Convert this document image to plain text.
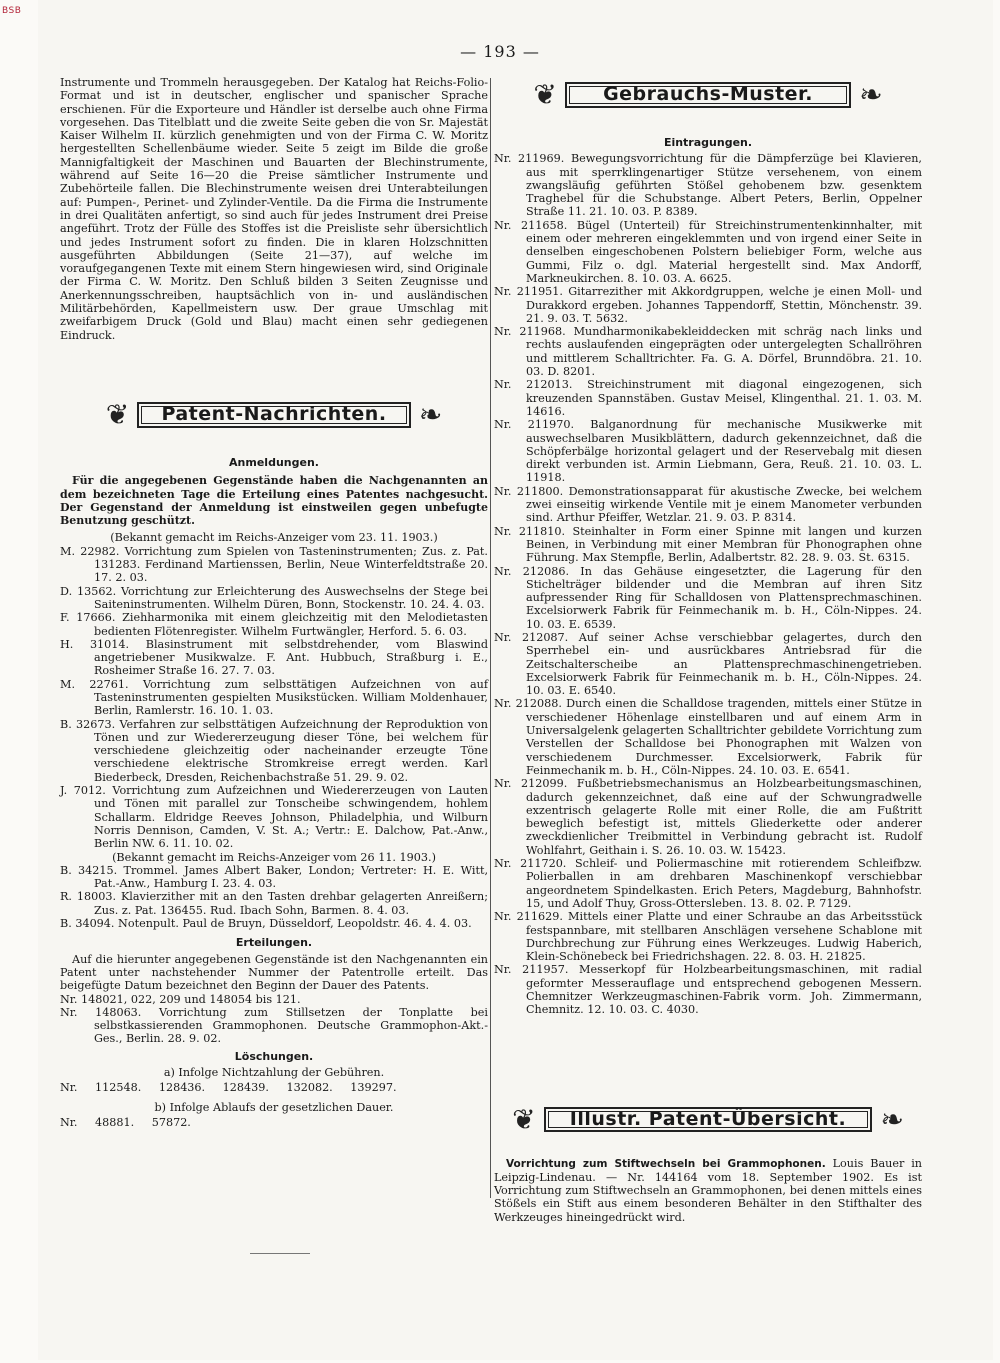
BSB
— 193 —

Instrumente und Trommeln herausgegeben. Der Katalog hat Reichs-Folio-Format und ist in deutscher, englischer und spanischer Sprache erschienen. Für die Exporteure und Händler ist derselbe auch ohne Firma vorgesehen. Das Titelblatt und die zweite Seite geben die von Sr. Majestät Kaiser Wilhelm II. kürzlich genehmigten und von der Firma C. W. Moritz hergestellten Schellenbäume wieder. Seite 5 zeigt im Bilde die große Mannigfaltigkeit der Maschinen und Bauarten der Blechinstrumente, während auf Seite 16—20 die Preise sämtlicher Instrumente und Zubehörteile fallen. Die Blechinstrumente weisen drei Unterabteilungen auf: Pumpen-, Perinet- und Zylinder-Ventile. Da die Firma die Instrumente in drei Qualitäten anfertigt, so sind auch für jedes Instrument drei Preise angeführt. Trotz der Fülle des Stoffes ist die Preisliste sehr übersichtlich und jedes Instrument sofort zu finden. Die in klaren Holzschnitten ausgeführten Abbildungen (Seite 21—37), auf welche im voraufgegangenen Texte mit einem Stern hingewiesen wird, sind Originale der Firma C. W. Moritz. Den Schluß bilden 3 Seiten Zeugnisse und Anerkennungsschreiben, hauptsächlich von in- und ausländischen Militärbehörden, Kapellmeistern usw. Der graue Umschlag mit zweifarbigem Druck (Gold und Blau) macht einen sehr gediegenen Eindruck.

❦	Patent-Nachrichten.	❧

Anmeldungen.

Für die angegebenen Gegenstände haben die Nachgenannten an dem bezeichneten Tage die Erteilung eines Patentes nachgesucht. Der Gegenstand der Anmeldung ist einstweilen gegen unbefugte Benutzung geschützt.

(Bekannt gemacht im Reichs-Anzeiger vom 23. 11. 1903.)

M. 22982. Vorrichtung zum Spielen von Tasteninstrumenten; Zus. z. Pat. 131283. Ferdinand Martienssen, Berlin, Neue Winterfeldtstraße 20. 17. 2. 03.

D. 13562. Vorrichtung zur Erleichterung des Auswechselns der Stege bei Saiteninstrumenten. Wilhelm Düren, Bonn, Stockenstr. 10. 24. 4. 03.

F. 17666. Ziehharmonika mit einem gleichzeitig mit den Melodietasten bedienten Flötenregister. Wilhelm Furtwängler, Herford. 5. 6. 03.

H. 31014. Blasinstrument mit selbstdrehender, vom Blaswind angetriebener Musikwalze. F. Ant. Hubbuch, Straßburg i. E., Rosheimer Straße 16. 27. 7. 03.

M. 22761. Vorrichtung zum selbsttätigen Aufzeichnen von auf Tasteninstrumenten gespielten Musikstücken. William Moldenhauer, Berlin, Ramlerstr. 16. 10. 1. 03.

B. 32673. Verfahren zur selbsttätigen Aufzeichnung der Reproduktion von Tönen und zur Wiedererzeugung dieser Töne, bei welchem für verschiedene gleichzeitig oder nacheinander erzeugte Töne verschiedene elektrische Stromkreise erregt werden. Karl Biederbeck, Dresden, Reichenbachstraße 51. 29. 9. 02.

J. 7012. Vorrichtung zum Aufzeichnen und Wiedererzeugen von Lauten und Tönen mit parallel zur Tonscheibe schwingendem, hohlem Schallarm. Eldridge Reeves Johnson, Philadelphia, und Wilburn Norris Dennison, Camden, V. St. A.; Vertr.: E. Dalchow, Pat.-Anw., Berlin NW. 6. 11. 10. 02.

(Bekannt gemacht im Reichs-Anzeiger vom 26 11. 1903.)

B. 34215. Trommel. James Albert Baker, London; Vertreter: H. E. Witt, Pat.-Anw., Hamburg I. 23. 4. 03.

R. 18003. Klavierzither mit an den Tasten drehbar gelagerten Anreißern; Zus. z. Pat. 136455. Rud. Ibach Sohn, Barmen. 8. 4. 03.

B. 34094. Notenpult. Paul de Bruyn, Düsseldorf, Leopoldstr. 46. 4. 4. 03.

Erteilungen.

Auf die hierunter angegebenen Gegenstände ist den Nachgenannten ein Patent unter nachstehender Nummer der Patentrolle erteilt. Das beigefügte Datum bezeichnet den Beginn der Dauer des Patents.

Nr. 148021, 022, 209 und 148054 bis 121.

Nr. 148063. Vorrichtung zum Stillsetzen der Tonplatte bei selbstkassierenden Grammophonen. Deutsche Grammophon-Akt.-Ges., Berlin. 28. 9. 02.

Löschungen.

a) Infolge Nichtzahlung der Gebühren.

Nr. 112548. 128436. 128439. 132082. 139297.

b) Infolge Ablaufs der gesetzlichen Dauer.

Nr. 48881. 57872.

❦	Gebrauchs-Muster.	❧

Eintragungen.

Nr. 211969. Bewegungsvorrichtung für die Dämpferzüge bei Klavieren, aus mit sperrklingenartiger Stütze versehenem, von einem zwangsläufig geführten Stößel gehobenem bzw. gesenktem Traghebel für die Schubstange. Albert Peters, Berlin, Oppelner Straße 11. 21. 10. 03. P. 8389.

Nr. 211658. Bügel (Unterteil) für Streichinstrumentenkinnhalter, mit einem oder mehreren eingeklemmten und von irgend einer Seite in denselben eingeschobenen Polstern beliebiger Form, welche aus Gummi, Filz o. dgl. Material hergestellt sind. Max Andorff, Markneukirchen. 8. 10. 03. A. 6625.

Nr. 211951. Gitarrezither mit Akkordgruppen, welche je einen Moll- und Durakkord ergeben. Johannes Tappendorff, Stettin, Mönchenstr. 39. 21. 9. 03. T. 5632.

Nr. 211968. Mundharmonikabekleiddecken mit schräg nach links und rechts auslaufenden eingeprägten oder untergelegten Schallröhren und mittlerem Schalltrichter. Fa. G. A. Dörfel, Brunndöbra. 21. 10. 03. D. 8201.

Nr. 212013. Streichinstrument mit diagonal eingezogenen, sich kreuzenden Spannstäben. Gustav Meisel, Klingenthal. 21. 1. 03. M. 14616.

Nr. 211970. Balganordnung für mechanische Musikwerke mit auswechselbaren Musikblättern, dadurch gekennzeichnet, daß die Schöpferbälge horizontal gelagert und der Reservebalg mit diesen direkt verbunden ist. Armin Liebmann, Gera, Reuß. 21. 10. 03. L. 11918.

Nr. 211800. Demonstrationsapparat für akustische Zwecke, bei welchem zwei einseitig wirkende Ventile mit je einem Manometer verbunden sind. Arthur Pfeiffer, Wetzlar. 21. 9. 03. P. 8314.

Nr. 211810. Steinhalter in Form einer Spinne mit langen und kurzen Beinen, in Verbindung mit einer Membran für Phonographen ohne Führung. Max Stempfle, Berlin, Adalbertstr. 82. 28. 9. 03. St. 6315.

Nr. 212086. In das Gehäuse eingesetzter, die Lagerung für den Stichelträger bildender und die Membran auf ihren Sitz aufpressender Ring für Schalldosen von Plattensprechmaschinen. Excelsiorwerk Fabrik für Feinmechanik m. b. H., Cöln-Nippes. 24. 10. 03. E. 6539.

Nr. 212087. Auf seiner Achse verschiebbar gelagertes, durch den Sperrhebel ein- und ausrückbares Antriebsrad für die Zeitschalterscheibe an Plattensprechmaschinengetrieben. Excelsiorwerk Fabrik für Feinmechanik m. b. H., Cöln-Nippes. 24. 10. 03. E. 6540.

Nr. 212088. Durch einen die Schalldose tragenden, mittels einer Stütze in verschiedener Höhenlage einstellbaren und auf einem Arm in Universalgelenk gelagerten Schalltrichter gebildete Vorrichtung zum Verstellen der Schalldose bei Phonographen mit Walzen von verschiedenem Durchmesser. Excelsiorwerk, Fabrik für Feinmechanik m. b. H., Cöln-Nippes. 24. 10. 03. E. 6541.

Nr. 212099. Fußbetriebsmechanismus an Holzbearbeitungsmaschinen, dadurch gekennzeichnet, daß eine auf der Schwungradwelle exzentrisch gelagerte Rolle mit einer Rolle, die am Fußtritt beweglich befestigt ist, mittels Gliederkette oder anderer zweckdienlicher Treibmittel in Verbindung gebracht ist. Rudolf Wohlfahrt, Geithain i. S. 26. 10. 03. W. 15423.

Nr. 211720. Schleif- und Poliermaschine mit rotierendem Schleifbzw. Polierballen in am drehbaren Maschinenkopf verschiebbar angeordnetem Spindelkasten. Erich Peters, Magdeburg, Bahnhofstr. 15, und Adolf Thuy, Gross-Ottersleben. 13. 8. 02. P. 7129.

Nr. 211629. Mittels einer Platte und einer Schraube an das Arbeitsstück festspannbare, mit stellbaren Anschlägen versehene Schablone mit Durchbrechung zur Führung eines Werkzeuges. Ludwig Haberich, Klein-Schönebeck bei Friedrichshagen. 22. 8. 03. H. 21825.

Nr. 211957. Messerkopf für Holzbearbeitungsmaschinen, mit radial geformter Messerauflage und entsprechend gebogenen Messern. Chemnitzer Werkzeugmaschinen-Fabrik vorm. Joh. Zimmermann, Chemnitz. 12. 10. 03. C. 4030.

❦	Illustr. Patent-Übersicht.	❧

Vorrichtung zum Stiftwechseln bei Grammophonen. Louis Bauer in Leipzig-Lindenau. — Nr. 144164 vom 18. September 1902. Es ist Vorrichtung zum Stiftwechseln an Grammophonen, bei denen mittels eines Stößels ein Stift aus einem besonderen Behälter in den Stifthalter des Werkzeuges hineingedrückt wird.
